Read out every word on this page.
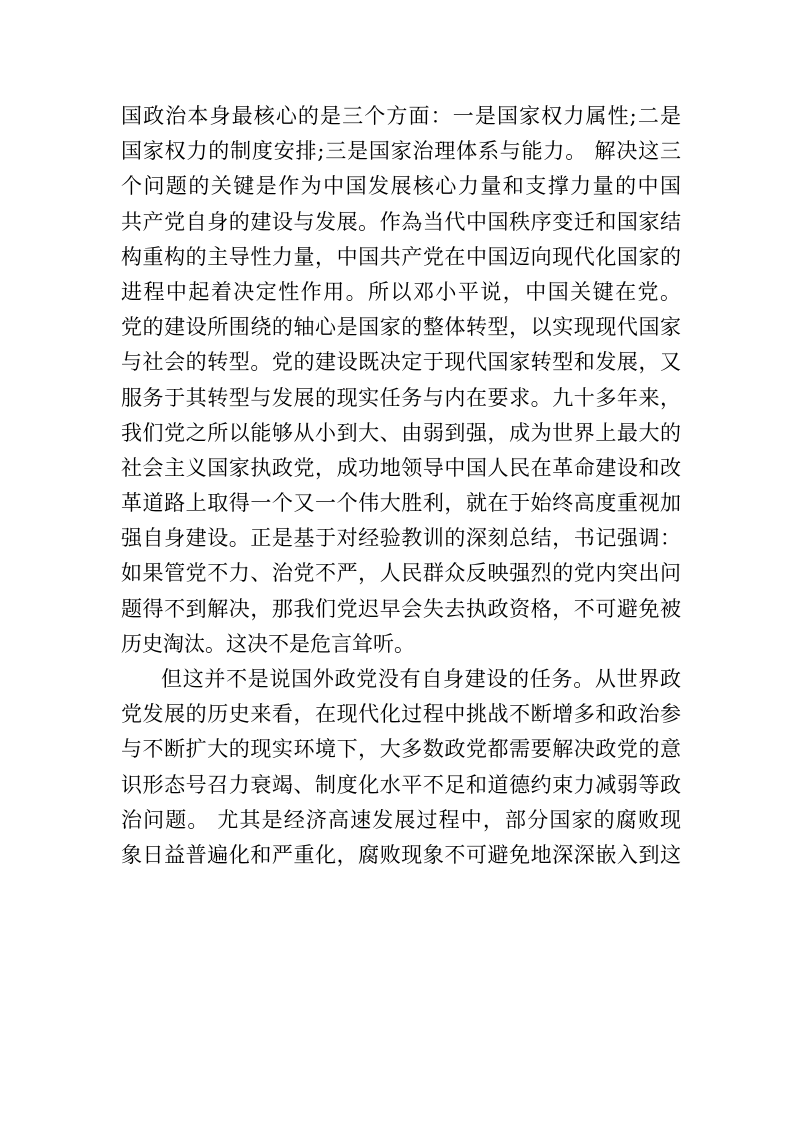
国政治本身最核心的是三个方面：一是国家权力属性;二是
国家权力的制度安排;三是国家治理体系与能力。 解决这三
个问题的关键是作为中国发展核心力量和支撑力量的中国
共产党自身的建设与发展。作為当代中国秩序变迁和国家结
构重构的主导性力量，中国共产党在中国迈向现代化国家的
进程中起着决定性作用。所以邓小平说，中国关键在党。
党的建设所围绕的轴心是国家的整体转型，以实现现代国家
与社会的转型。党的建设既决定于现代国家转型和发展，又
服务于其转型与发展的现实任务与内在要求。九十多年来，
我们党之所以能够从小到大、由弱到强，成为世界上最大的
社会主义国家执政党，成功地领导中国人民在革命建设和改
革道路上取得一个又一个伟大胜利，就在于始终高度重视加
强自身建设。正是基于对经验教训的深刻总结，书记强调：
如果管党不力、治党不严，人民群众反映强烈的党内突出问
题得不到解决，那我们党迟早会失去执政资格，不可避免被
历史淘汰。这决不是危言耸听。
但这并不是说国外政党没有自身建设的任务。从世界政
党发展的历史来看，在现代化过程中挑战不断增多和政治参
与不断扩大的现实环境下，大多数政党都需要解决政党的意
识形态号召力衰竭、制度化水平不足和道德约束力减弱等政
治问题。 尤其是经济高速发展过程中，部分国家的腐败现
象日益普遍化和严重化，腐败现象不可避免地深深嵌入到这
